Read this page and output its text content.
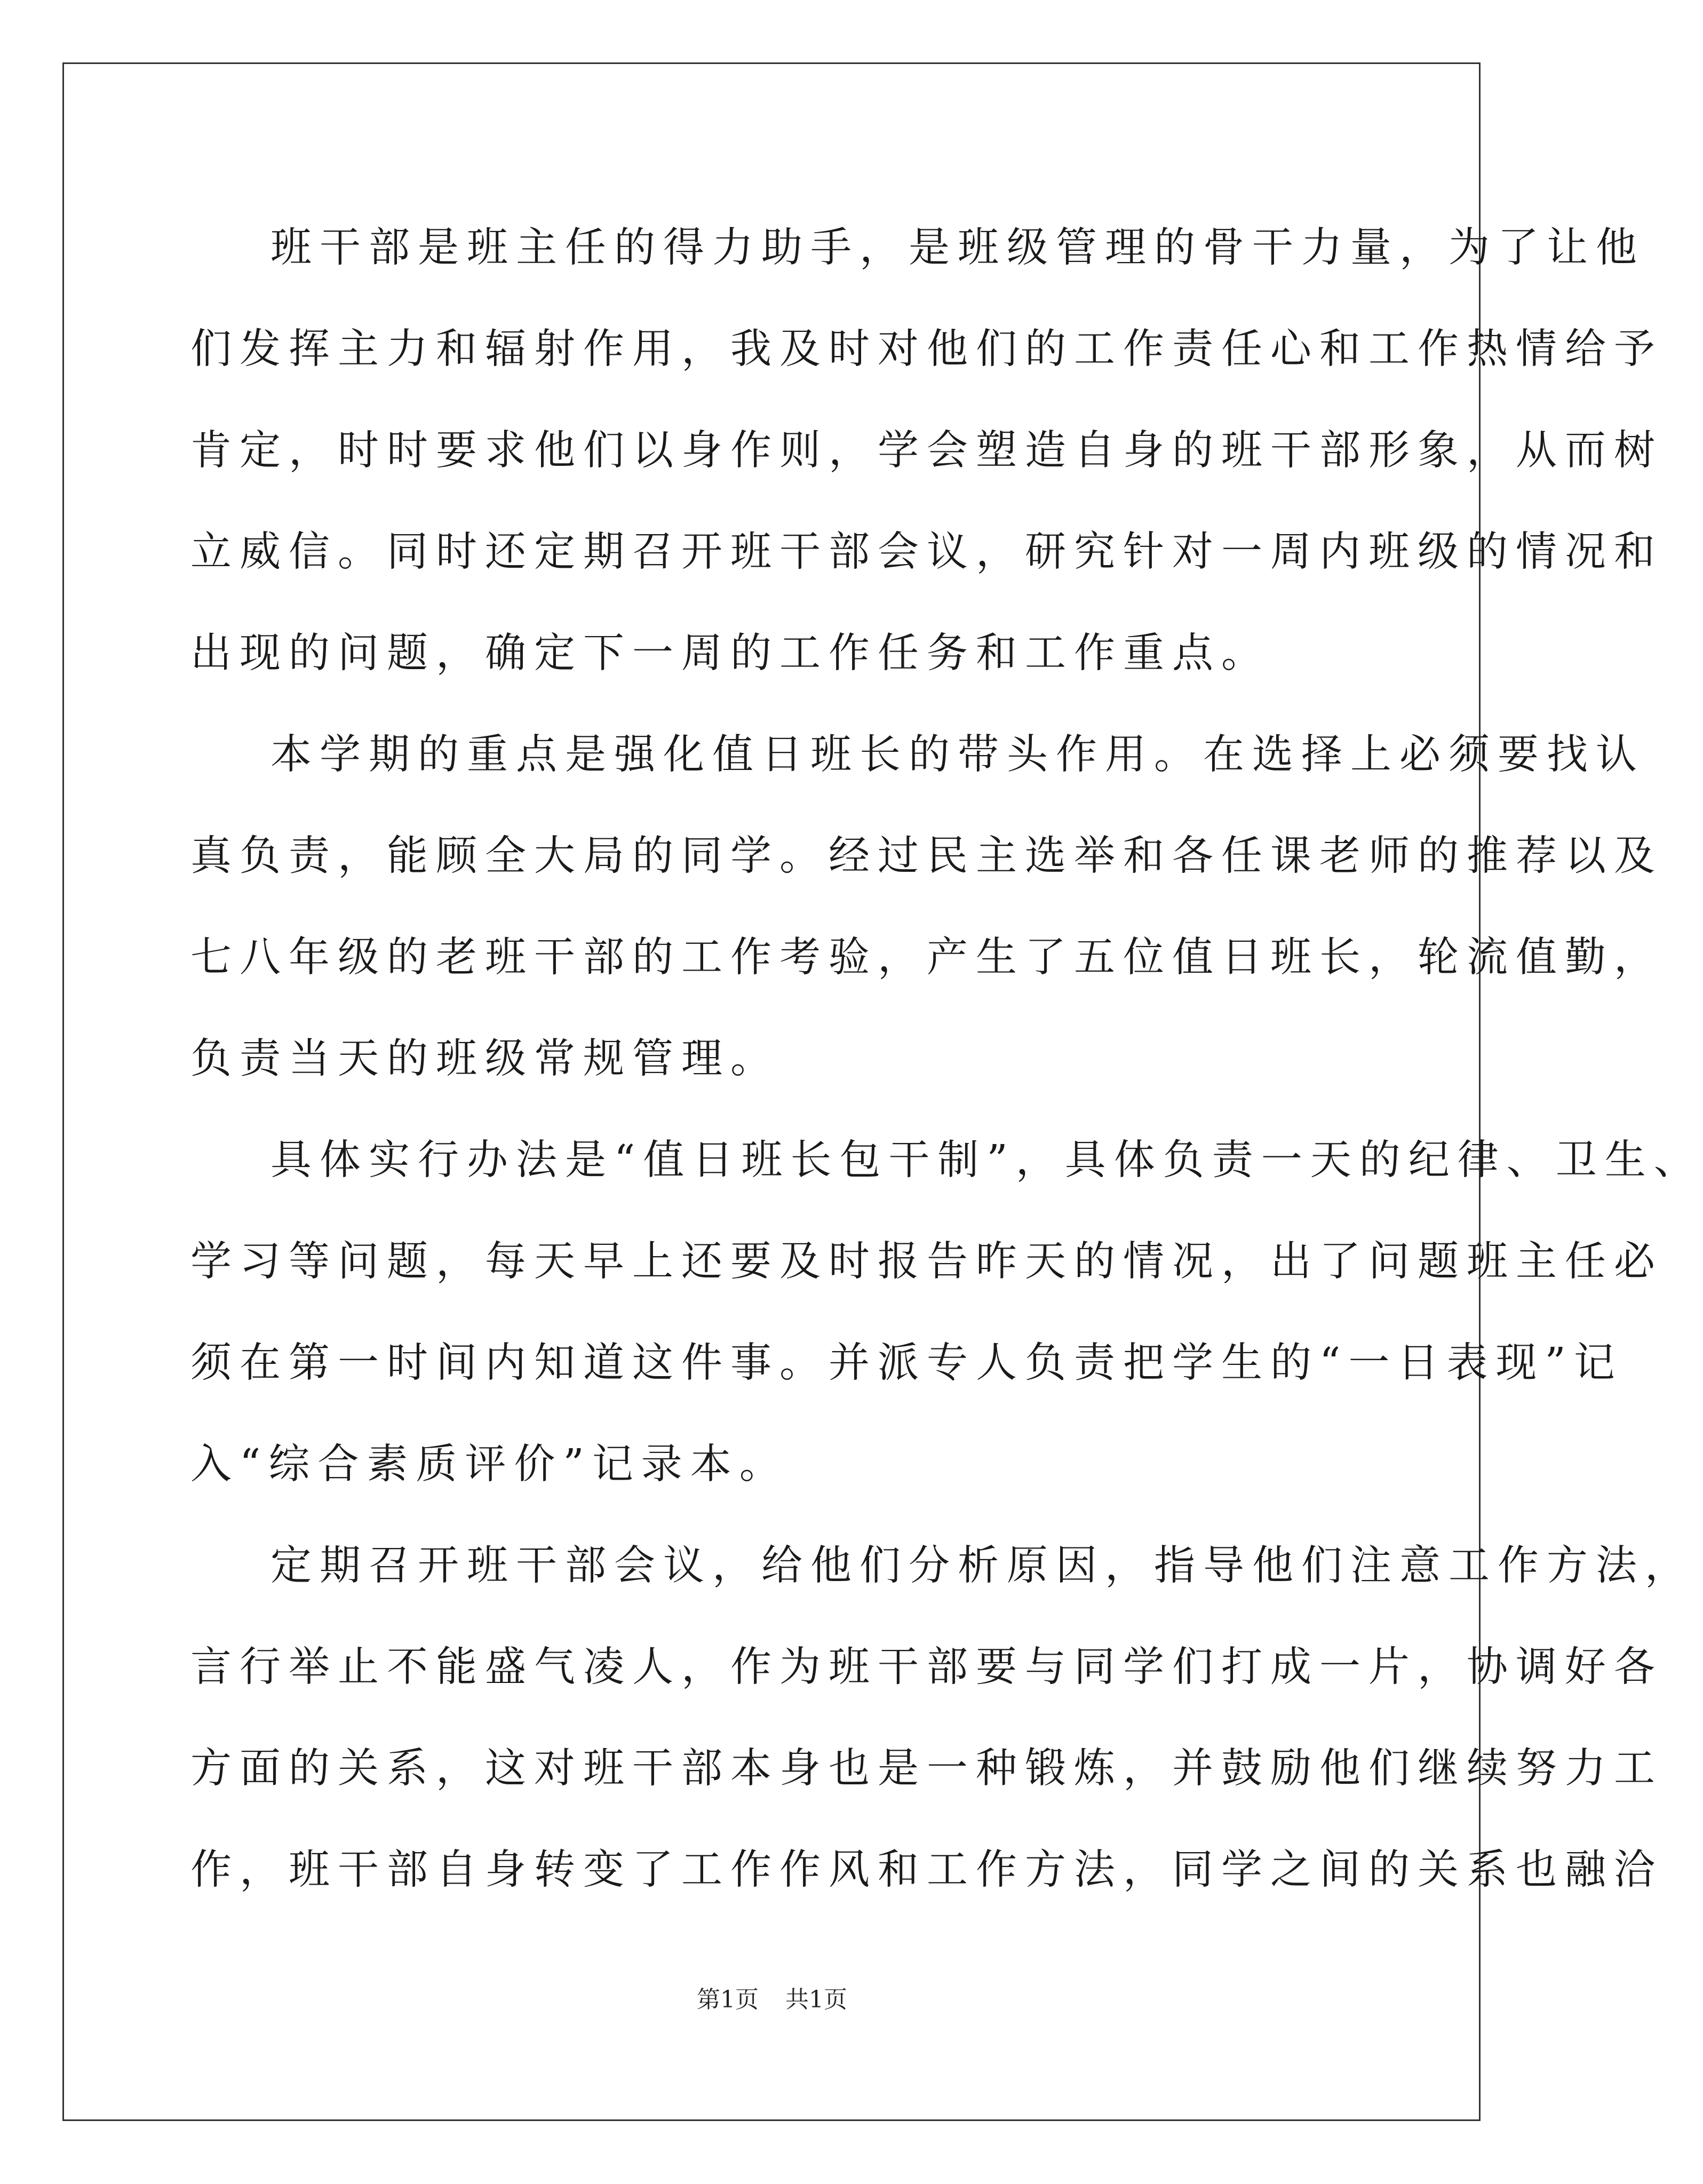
班干部是班主任的得力助手，是班级管理的骨干力量，为了让他
们发挥主力和辐射作用，我及时对他们的工作责任心和工作热情给予
肯定，时时要求他们以身作则，学会塑造自身的班干部形象，从而树
立威信。同时还定期召开班干部会议，研究针对一周内班级的情况和
出现的问题，确定下一周的工作任务和工作重点。
本学期的重点是强化值日班长的带头作用。在选择上必须要找认
真负责，能顾全大局的同学。经过民主选举和各任课老师的推荐以及
七八年级的老班干部的工作考验，产生了五位值日班长，轮流值勤，
负责当天的班级常规管理。
具体实行办法是“值日班长包干制”，具体负责一天的纪律、卫生、
学习等问题，每天早上还要及时报告昨天的情况，出了问题班主任必
须在第一时间内知道这件事。并派专人负责把学生的“一日表现”记
入“综合素质评价”记录本。
定期召开班干部会议，给他们分析原因，指导他们注意工作方法，
言行举止不能盛气凌人，作为班干部要与同学们打成一片，协调好各
方面的关系，这对班干部本身也是一种锻炼，并鼓励他们继续努力工
作，班干部自身转变了工作作风和工作方法，同学之间的关系也融洽
第1页 共1页
